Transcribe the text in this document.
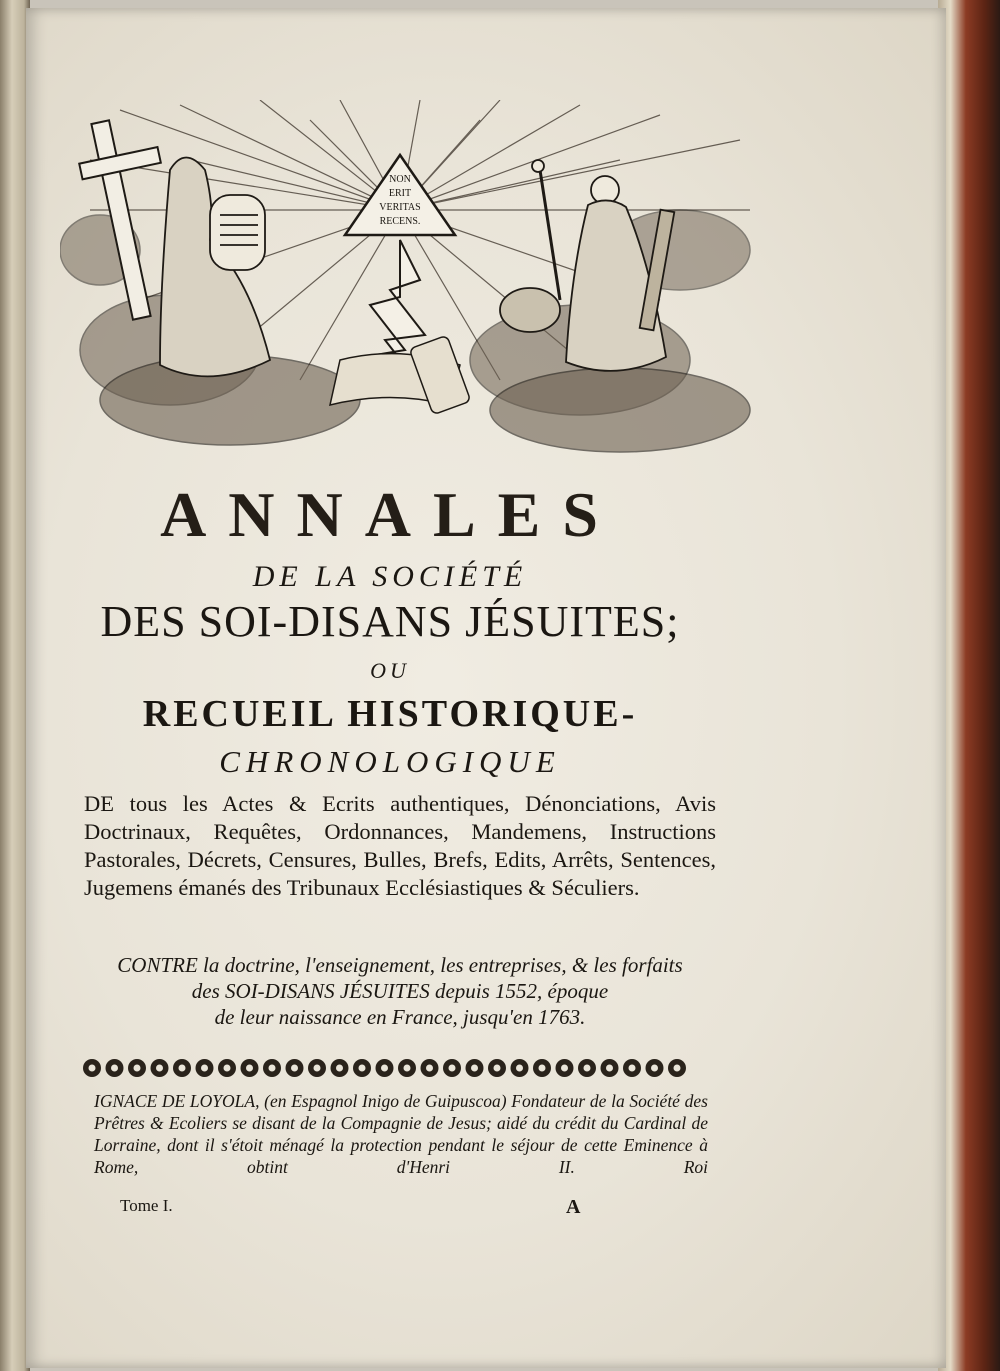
NON
ERIT
VERITAS
RECENS.
ANNALES
DE LA SOCIÉTÉ
DES SOI-DISANS JÉSUITES;
OU
RECUEIL HISTORIQUE-
CHRONOLOGIQUE
DE tous les Actes & Ecrits authentiques, Dénonciations, Avis Doctrinaux, Requêtes, Ordonnances, Mandemens, Instructions Pastorales, Décrets, Censures, Bulles, Brefs, Edits, Arrêts, Sentences, Jugemens émanés des Tribunaux Ecclésiastiques & Séculiers.
CONTRE la doctrine, l'enseignement, les entreprises, & les forfaits
des SOI-DISANS JÉSUITES depuis 1552, époque
de leur naissance en France, jusqu'en 1763.
IGNACE DE LOYOLA, (en Espagnol Inigo de Guipuscoa) Fondateur de la Société des Prêtres & Ecoliers se disant de la Compagnie de Jesus; aidé du crédit du Cardinal de Lorraine, dont il s'étoit ménagé la protection pendant le séjour de cette Eminence à Rome, obtint d'Henri II. Roi
Tome I.	A
